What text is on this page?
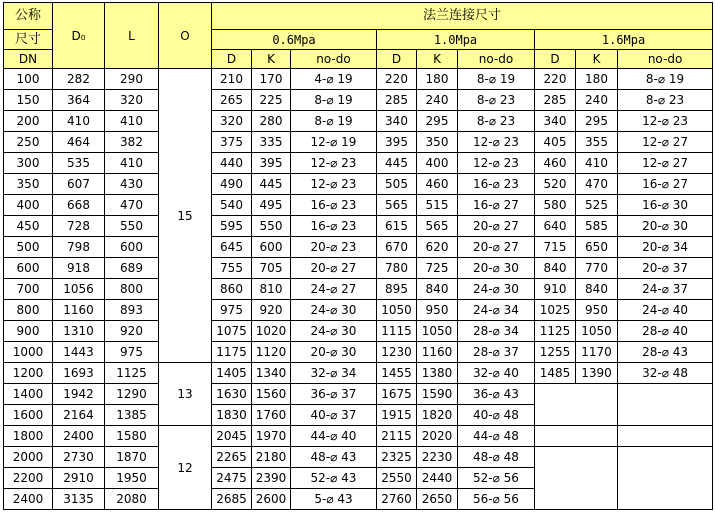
公称	D₀	L	O	法兰连接尺寸								
尺寸				0.6Mpa			1.0Mpa			1.6Mpa		
DN				D	K	no-do	D	K	no-do	D	K	no-do
100	282	290	15	210	170	4-⌀ 19	220	180	8-⌀ 19	220	180	8-⌀ 19
150	364	320		265	225	8-⌀ 19	285	240	8-⌀ 23	285	240	8-⌀ 23
200	410	410		320	280	8-⌀ 19	340	295	8-⌀ 23	340	295	12-⌀ 23
250	464	382		375	335	12-⌀ 19	395	350	12-⌀ 23	405	355	12-⌀ 27
300	535	410		440	395	12-⌀ 23	445	400	12-⌀ 23	460	410	12-⌀ 27
350	607	430		490	445	12-⌀ 23	505	460	16-⌀ 23	520	470	16-⌀ 27
400	668	470		540	495	16-⌀ 23	565	515	16-⌀ 27	580	525	16-⌀ 30
450	728	550		595	550	16-⌀ 23	615	565	20-⌀ 27	640	585	20-⌀ 30
500	798	600		645	600	20-⌀ 23	670	620	20-⌀ 27	715	650	20-⌀ 34
600	918	689		755	705	20-⌀ 27	780	725	20-⌀ 30	840	770	20-⌀ 37
700	1056	800		860	810	24-⌀ 27	895	840	24-⌀ 30	910	840	24-⌀ 37
800	1160	893		975	920	24-⌀ 30	1050	950	24-⌀ 34	1025	950	24-⌀ 40
900	1310	920		1075	1020	24-⌀ 30	1115	1050	28-⌀ 34	1125	1050	28-⌀ 40
1000	1443	975		1175	1120	20-⌀ 30	1230	1160	28-⌀ 37	1255	1170	28-⌀ 43
1200	1693	1125	13	1405	1340	32-⌀ 34	1455	1380	32-⌀ 40	1485	1390	32-⌀ 48
1400	1942	1290		1630	1560	36-⌀ 37	1675	1590	36-⌀ 43			
1600	2164	1385		1830	1760	40-⌀ 37	1915	1820	40-⌀ 48			
1800	2400	1580	12	2045	1970	44-⌀ 40	2115	2020	44-⌀ 48			
2000	2730	1870		2265	2180	48-⌀ 43	2325	2230	48-⌀ 48			
2200	2910	1950		2475	2390	52-⌀ 43	2550	2440	52-⌀ 56			
2400	3135	2080		2685	2600	5-⌀ 43	2760	2650	56-⌀ 56			
